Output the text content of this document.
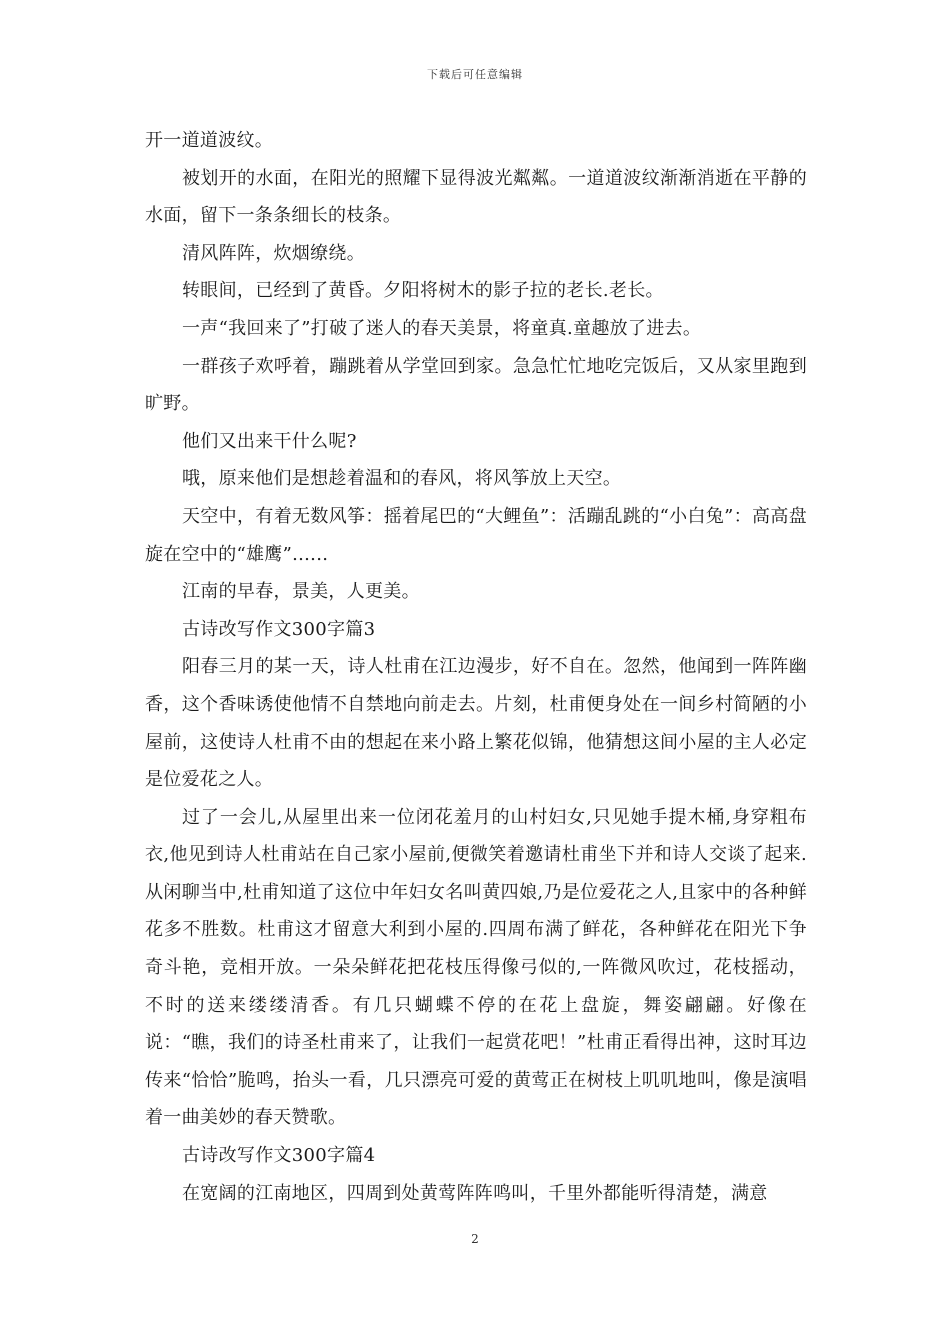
下载后可任意编辑

开一道道波纹。

被划开的水面，在阳光的照耀下显得波光粼粼。一道道波纹渐渐消逝在平静的水面，留下一条条细长的枝条。

清风阵阵，炊烟缭绕。

转眼间，已经到了黄昏。夕阳将树木的影子拉的老长.老长。

一声“我回来了”打破了迷人的春天美景，将童真.童趣放了进去。

一群孩子欢呼着，蹦跳着从学堂回到家。急急忙忙地吃完饭后，又从家里跑到旷野。

他们又出来干什么呢?

哦，原来他们是想趁着温和的春风，将风筝放上天空。

天空中，有着无数风筝：摇着尾巴的“大鲤鱼”：活蹦乱跳的“小白兔”：高高盘旋在空中的“雄鹰”......

江南的早春，景美，人更美。

古诗改写作文300字篇3

阳春三月的某一天，诗人杜甫在江边漫步，好不自在。忽然，他闻到一阵阵幽香，这个香味诱使他情不自禁地向前走去。片刻，杜甫便身处在一间乡村简陋的小屋前，这使诗人杜甫不由的想起在来小路上繁花似锦，他猜想这间小屋的主人必定是位爱花之人。

过了一会儿,从屋里出来一位闭花羞月的山村妇女,只见她手提木桶,身穿粗布衣,他见到诗人杜甫站在自己家小屋前,便微笑着邀请杜甫坐下并和诗人交谈了起来.从闲聊当中,杜甫知道了这位中年妇女名叫黄四娘,乃是位爱花之人,且家中的各种鲜花多不胜数。杜甫这才留意大利到小屋的.四周布满了鲜花，各种鲜花在阳光下争奇斗艳，竞相开放。一朵朵鲜花把花枝压得像弓似的,一阵微风吹过，花枝摇动，不时的送来缕缕清香。有几只蝴蝶不停的在花上盘旋，舞姿翩翩。好像在说：“瞧，我们的诗圣杜甫来了，让我们一起赏花吧！”杜甫正看得出神，这时耳边传来“恰恰”脆鸣，抬头一看，几只漂亮可爱的黄莺正在树枝上叽叽地叫，像是演唱着一曲美妙的春天赞歌。

古诗改写作文300字篇4

在宽阔的江南地区，四周到处黄莺阵阵鸣叫，千里外都能听得清楚，满意

2
